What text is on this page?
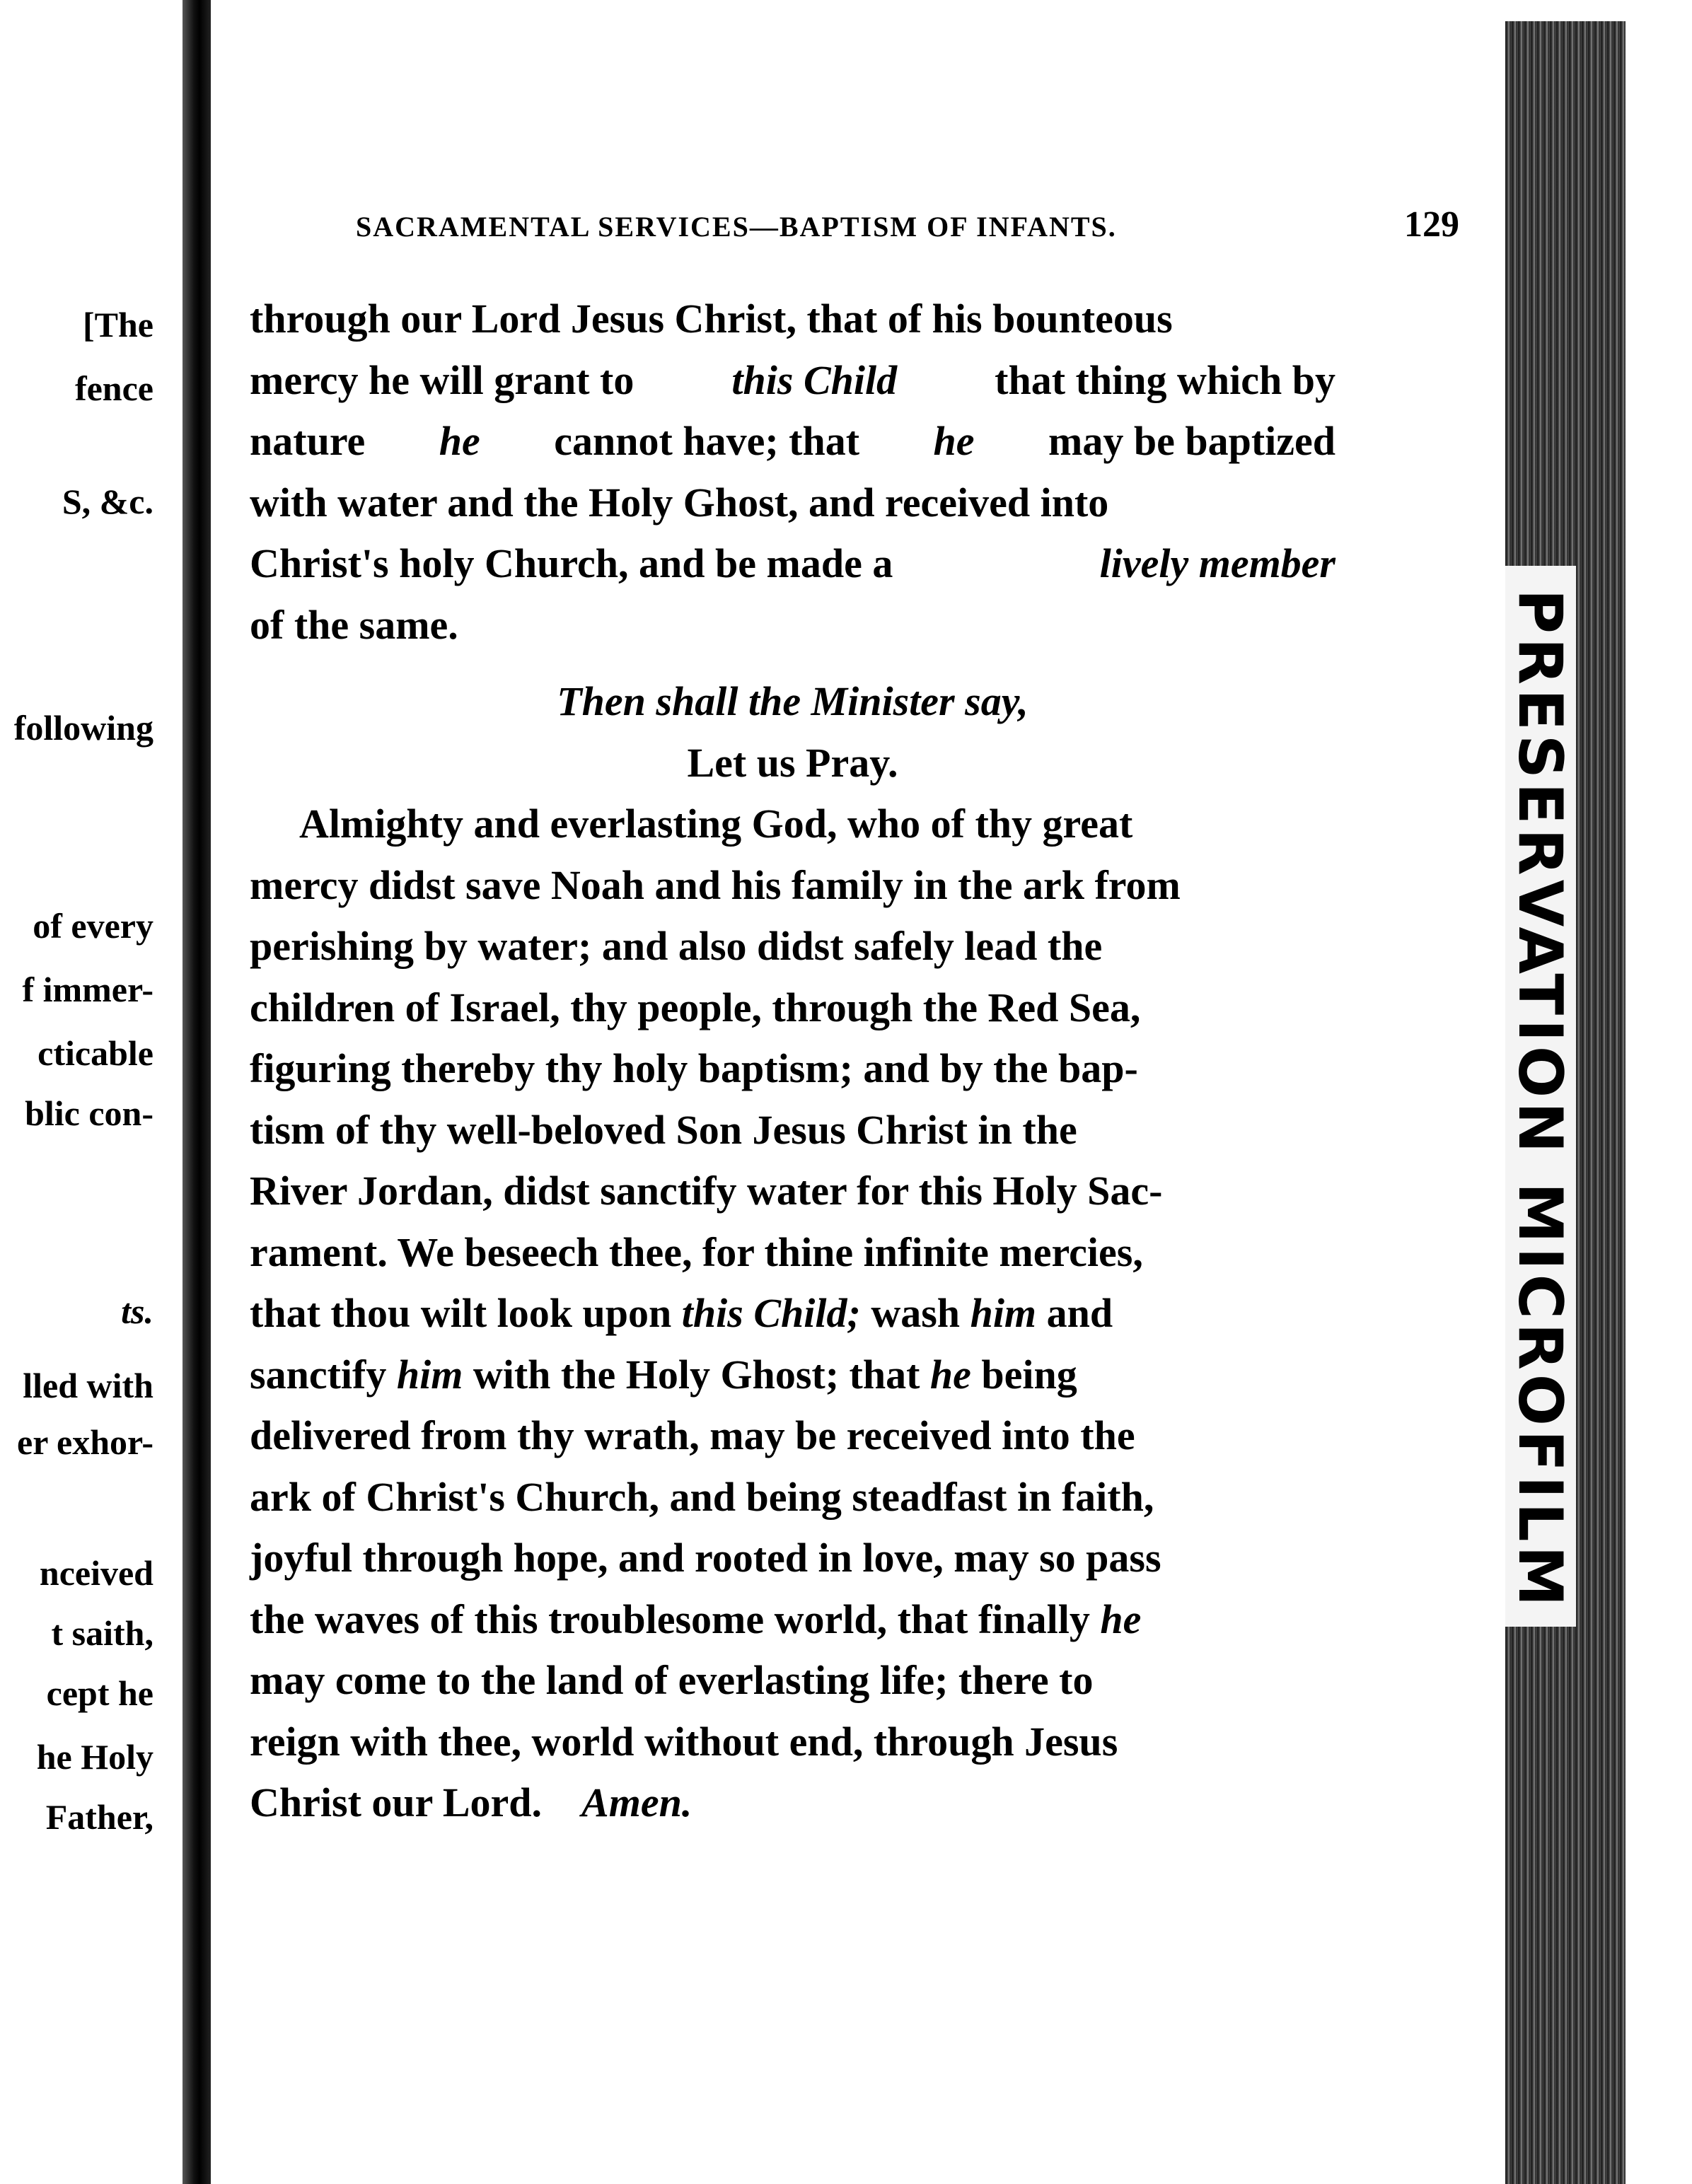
[The
fence
S, &c.
following
of every
f immer-
cticable
blic con-
ts.
lled with
er exhor-
nceived
t saith,
cept he
he Holy
Father,
SACRAMENTAL SERVICES—BAPTISM OF INFANTS.	129
through our Lord Jesus Christ, that of his bounteous
mercy he will grant to this Child that thing which by
nature he cannot have; that he may be baptized
with water and the Holy Ghost, and received into
Christ's holy Church, and be made a	lively member
of the same.
Then shall the Minister say,
Let us Pray.
Almighty and everlasting God, who of thy great
mercy didst save Noah and his family in the ark from
perishing by water; and also didst safely lead the
children of Israel, thy people, through the Red Sea,
figuring thereby thy holy baptism; and by the bap-
tism of thy well-beloved Son Jesus Christ in the
River Jordan, didst sanctify water for this Holy Sac-
rament. We beseech thee, for thine infinite mercies,
that thou wilt look upon this Child; wash him and
sanctify him with the Holy Ghost; that he being
delivered from thy wrath, may be received into the
ark of Christ's Church, and being steadfast in faith,
joyful through hope, and rooted in love, may so pass
the waves of this troublesome world, that finally he
may come to the land of everlasting life; there to
reign with thee, world without end, through Jesus
Christ our Lord. Amen.
PRESERVATION MICROFILM
